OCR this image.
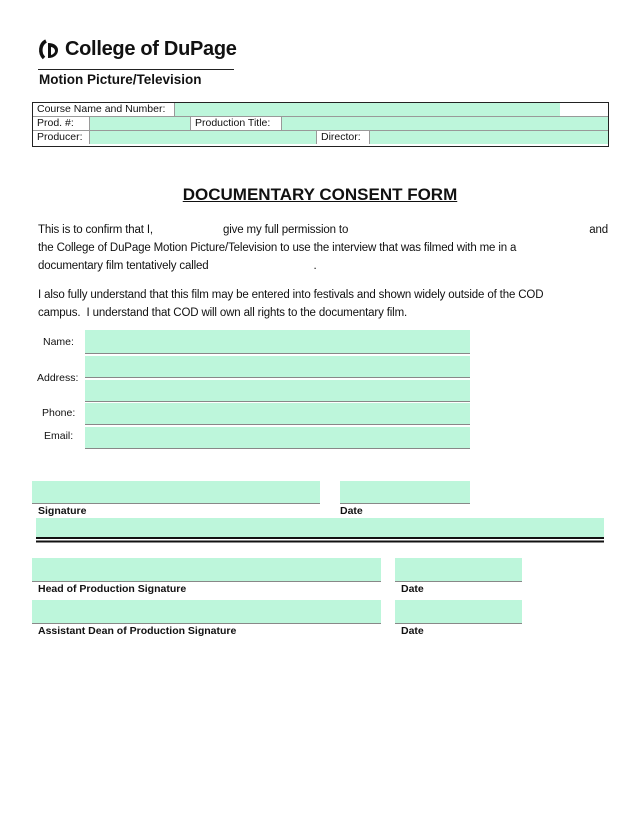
College of DuPage
Motion Picture/Television
Course Name and Number:
Prod. #:	Production Title:
Producer:	Director:
DOCUMENTARY CONSENT FORM
This is to confirm that I,	give my full permission to	and
the College of DuPage Motion Picture/Television to use the interview that was filmed with me in a
documentary film tentatively called	.
I also fully understand that this film may be entered into festivals and shown widely outside of the COD
campus.  I understand that COD will own all rights to the documentary film.
Name:
Address:
Phone:
Email:
Signature	Date
Head of Production Signature	Date
Assistant Dean of Production Signature	Date
